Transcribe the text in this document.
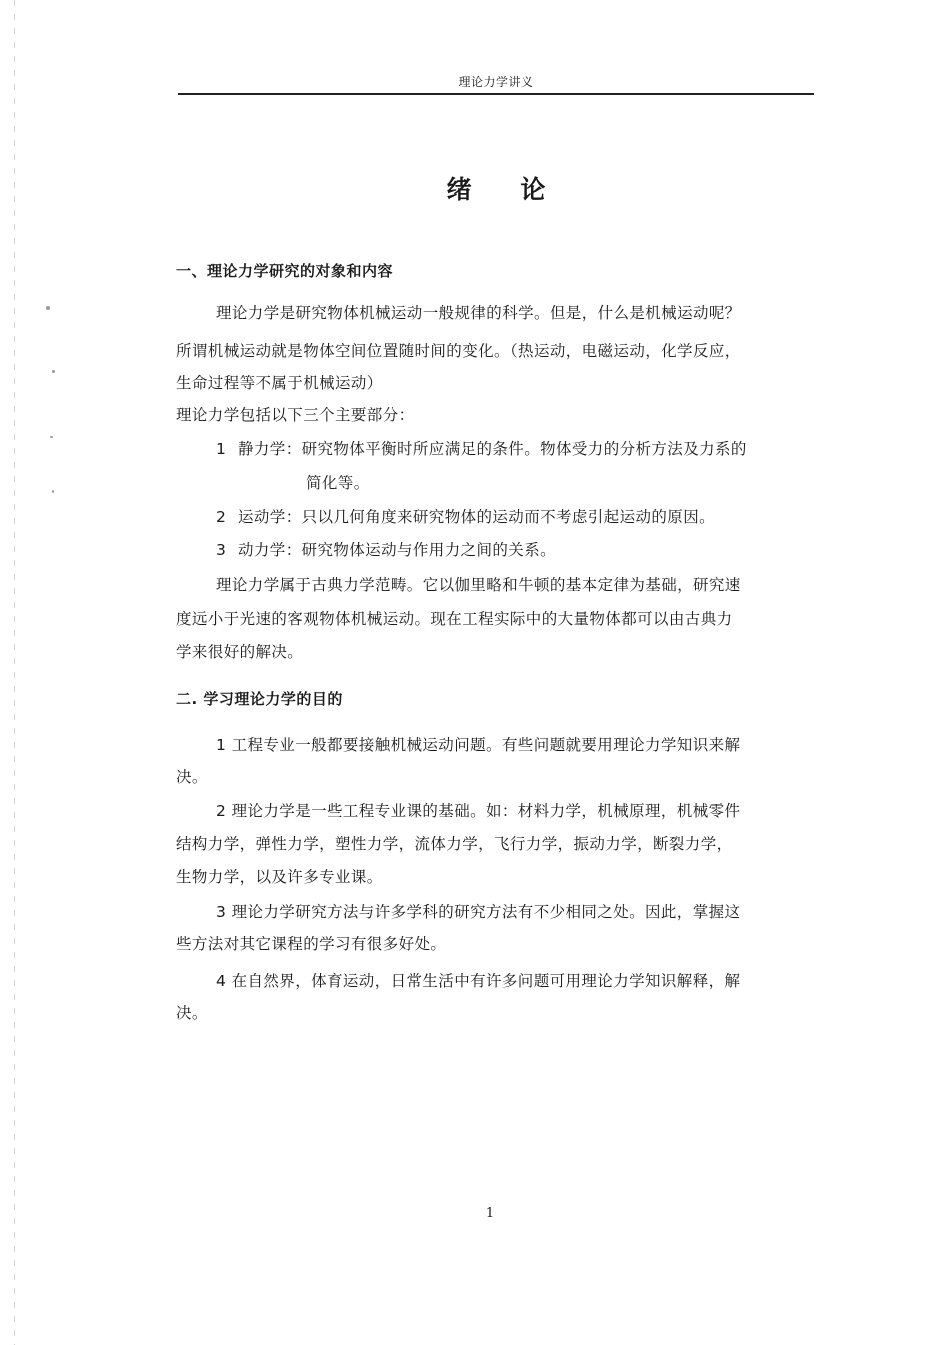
理论力学讲义
绪 论
一、理论力学研究的对象和内容
理论力学是研究物体机械运动一般规律的科学。但是，什么是机械运动呢？
所谓机械运动就是物体空间位置随时间的变化。（热运动，电磁运动，化学反应，
生命过程等不属于机械运动）
理论力学包括以下三个主要部分：
1 静力学：研究物体平衡时所应满足的条件。物体受力的分析方法及力系的
简化等。
2 运动学：只以几何角度来研究物体的运动而不考虑引起运动的原因。
3 动力学：研究物体运动与作用力之间的关系。
理论力学属于古典力学范畴。它以伽里略和牛顿的基本定律为基础，研究速
度远小于光速的客观物体机械运动。现在工程实际中的大量物体都可以由古典力
学来很好的解决。
二. 学习理论力学的目的
1 工程专业一般都要接触机械运动问题。有些问题就要用理论力学知识来解
决。
2 理论力学是一些工程专业课的基础。如：材料力学，机械原理，机械零件
结构力学，弹性力学，塑性力学，流体力学，飞行力学，振动力学，断裂力学，
生物力学，以及许多专业课。
3 理论力学研究方法与许多学科的研究方法有不少相同之处。因此，掌握这
些方法对其它课程的学习有很多好处。
4 在自然界，体育运动，日常生活中有许多问题可用理论力学知识解释，解
决。
1
